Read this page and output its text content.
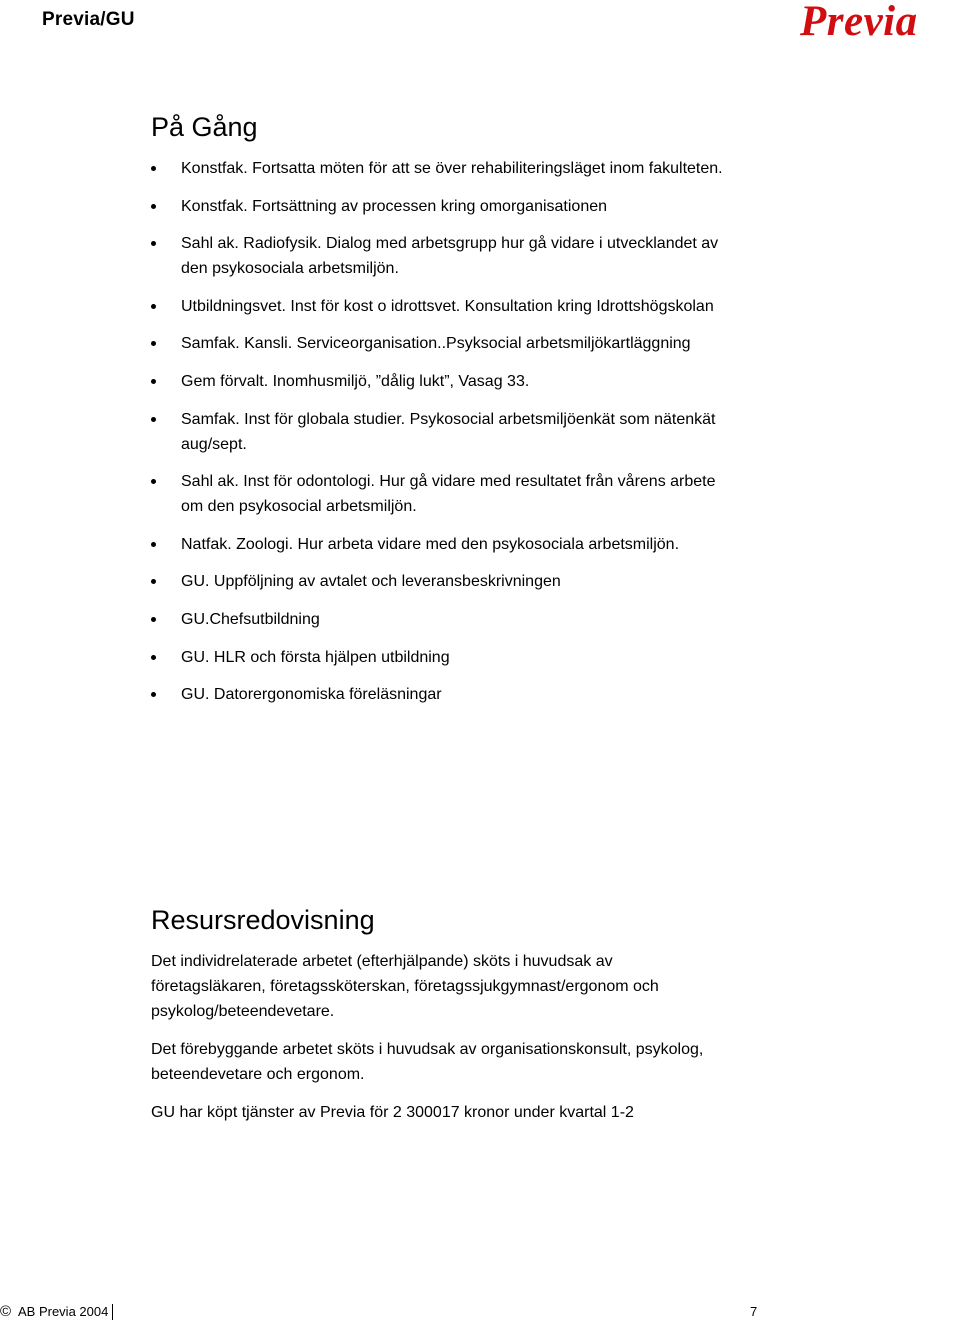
Previa/GU	Previa
På Gång
Konstfak. Fortsatta möten för att se över rehabiliteringsläget inom fakulteten.
Konstfak. Fortsättning av processen kring omorganisationen
Sahl ak. Radiofysik. Dialog med arbetsgrupp hur gå vidare i utvecklandet av den psykosociala arbetsmiljön.
Utbildningsvet. Inst för kost o idrottsvet. Konsultation kring Idrottshögskolan
Samfak. Kansli. Serviceorganisation..Psyksocial arbetsmiljökartläggning
Gem förvalt. Inomhusmiljö, ”dålig lukt”, Vasag 33.
Samfak. Inst för globala studier. Psykosocial arbetsmiljöenkät som nätenkät aug/sept.
Sahl ak. Inst för odontologi. Hur gå vidare med resultatet från vårens arbete om den psykosocial arbetsmiljön.
Natfak. Zoologi. Hur arbeta vidare med den psykosociala arbetsmiljön.
GU. Uppföljning av avtalet och leveransbeskrivningen
GU.Chefsutbildning
GU. HLR och första hjälpen utbildning
GU. Datorergonomiska föreläsningar
Resursredovisning

Det individrelaterade arbetet (efterhjälpande) sköts i huvudsak av företagsläkaren, företagssköterskan, företagssjukgymnast/ergonom och psykolog/beteendevetare.

Det förebyggande arbetet sköts i huvudsak av organisationskonsult, psykolog, beteendevetare och ergonom.

GU har köpt tjänster av Previa för 2 300017 kronor under kvartal 1-2

© AB Previa 2004	7
